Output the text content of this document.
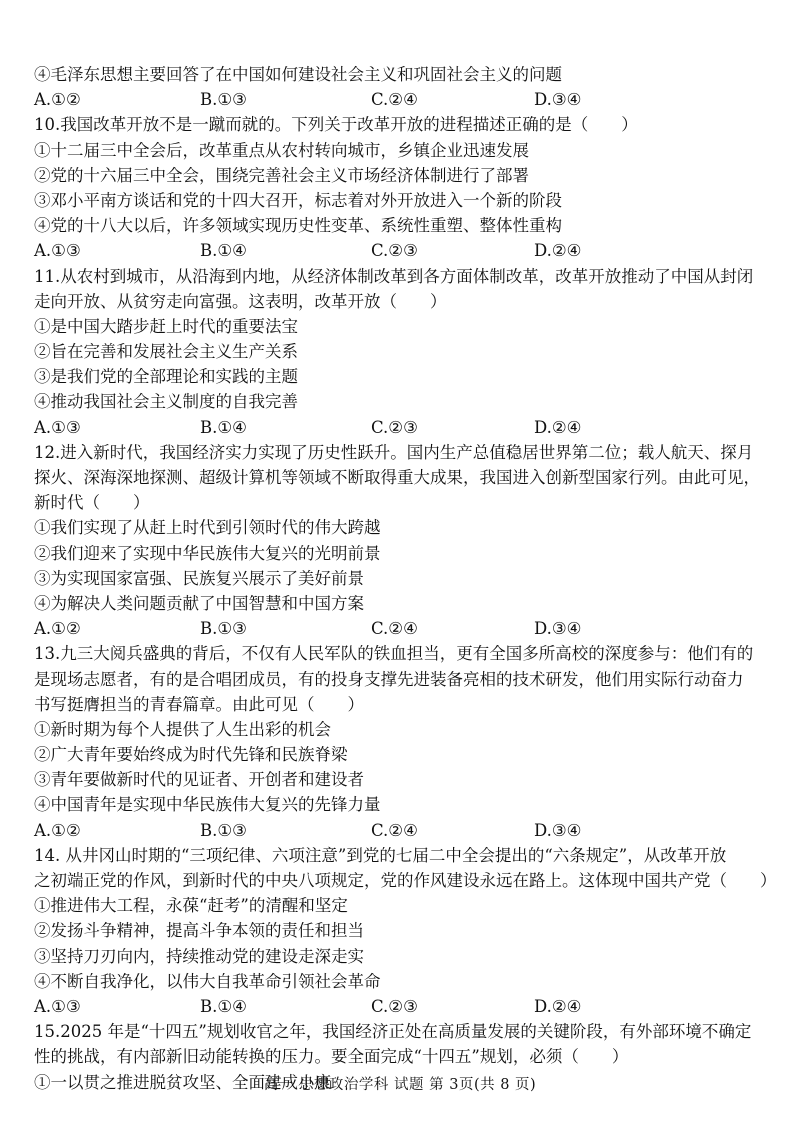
④毛泽东思想主要回答了在中国如何建设社会主义和巩固社会主义的问题
A.①②	B.①③	C.②④	D.③④
10.我国改革开放不是一蹴而就的。下列关于改革开放的进程描述正确的是（　　）
①十二届三中全会后，改革重点从农村转向城市，乡镇企业迅速发展
②党的十六届三中全会，围绕完善社会主义市场经济体制进行了部署
③邓小平南方谈话和党的十四大召开，标志着对外开放进入一个新的阶段
④党的十八大以后，许多领域实现历史性变革、系统性重塑、整体性重构
A.①③	B.①④	C.②③	D.②④
11.从农村到城市，从沿海到内地，从经济体制改革到各方面体制改革，改革开放推动了中国从封闭
走向开放、从贫穷走向富强。这表明，改革开放（　　）
①是中国大踏步赶上时代的重要法宝
②旨在完善和发展社会主义生产关系
③是我们党的全部理论和实践的主题
④推动我国社会主义制度的自我完善
A.①③	B.①④	C.②③	D.②④
12.进入新时代，我国经济实力实现了历史性跃升。国内生产总值稳居世界第二位；载人航天、探月
探火、深海深地探测、超级计算机等领域不断取得重大成果，我国进入创新型国家行列。由此可见，
新时代（　　）
①我们实现了从赶上时代到引领时代的伟大跨越
②我们迎来了实现中华民族伟大复兴的光明前景
③为实现国家富强、民族复兴展示了美好前景
④为解决人类问题贡献了中国智慧和中国方案
A.①②	B.①③	C.②④	D.③④
13.九三大阅兵盛典的背后，不仅有人民军队的铁血担当，更有全国多所高校的深度参与：他们有的
是现场志愿者，有的是合唱团成员，有的投身支撑先进装备亮相的技术研发，他们用实际行动奋力
书写挺膺担当的青春篇章。由此可见（　　）
①新时期为每个人提供了人生出彩的机会
②广大青年要始终成为时代先锋和民族脊梁
③青年要做新时代的见证者、开创者和建设者
④中国青年是实现中华民族伟大复兴的先锋力量
A.①②	B.①③	C.②④	D.③④
14. 从井冈山时期的“三项纪律、六项注意”到党的七届二中全会提出的“六条规定”，从改革开放
之初端正党的作风，到新时代的中央八项规定，党的作风建设永远在路上。这体现中国共产党（　　）
①推进伟大工程，永葆“赶考”的清醒和坚定
②发扬斗争精神，提高斗争本领的责任和担当
③坚持刀刃向内，持续推动党的建设走深走实
④不断自我净化，以伟大自我革命引领社会革命
A.①③	B.①④	C.②③	D.②④
15.2025 年是“十四五”规划收官之年，我国经济正处在高质量发展的关键阶段，有外部环境不确定
性的挑战，有内部新旧动能转换的压力。要全面完成“十四五”规划，必须（　　）
①一以贯之推进脱贫攻坚、全面建成小康
高一 思想政治学科 试题 第 3页(共 8 页)
